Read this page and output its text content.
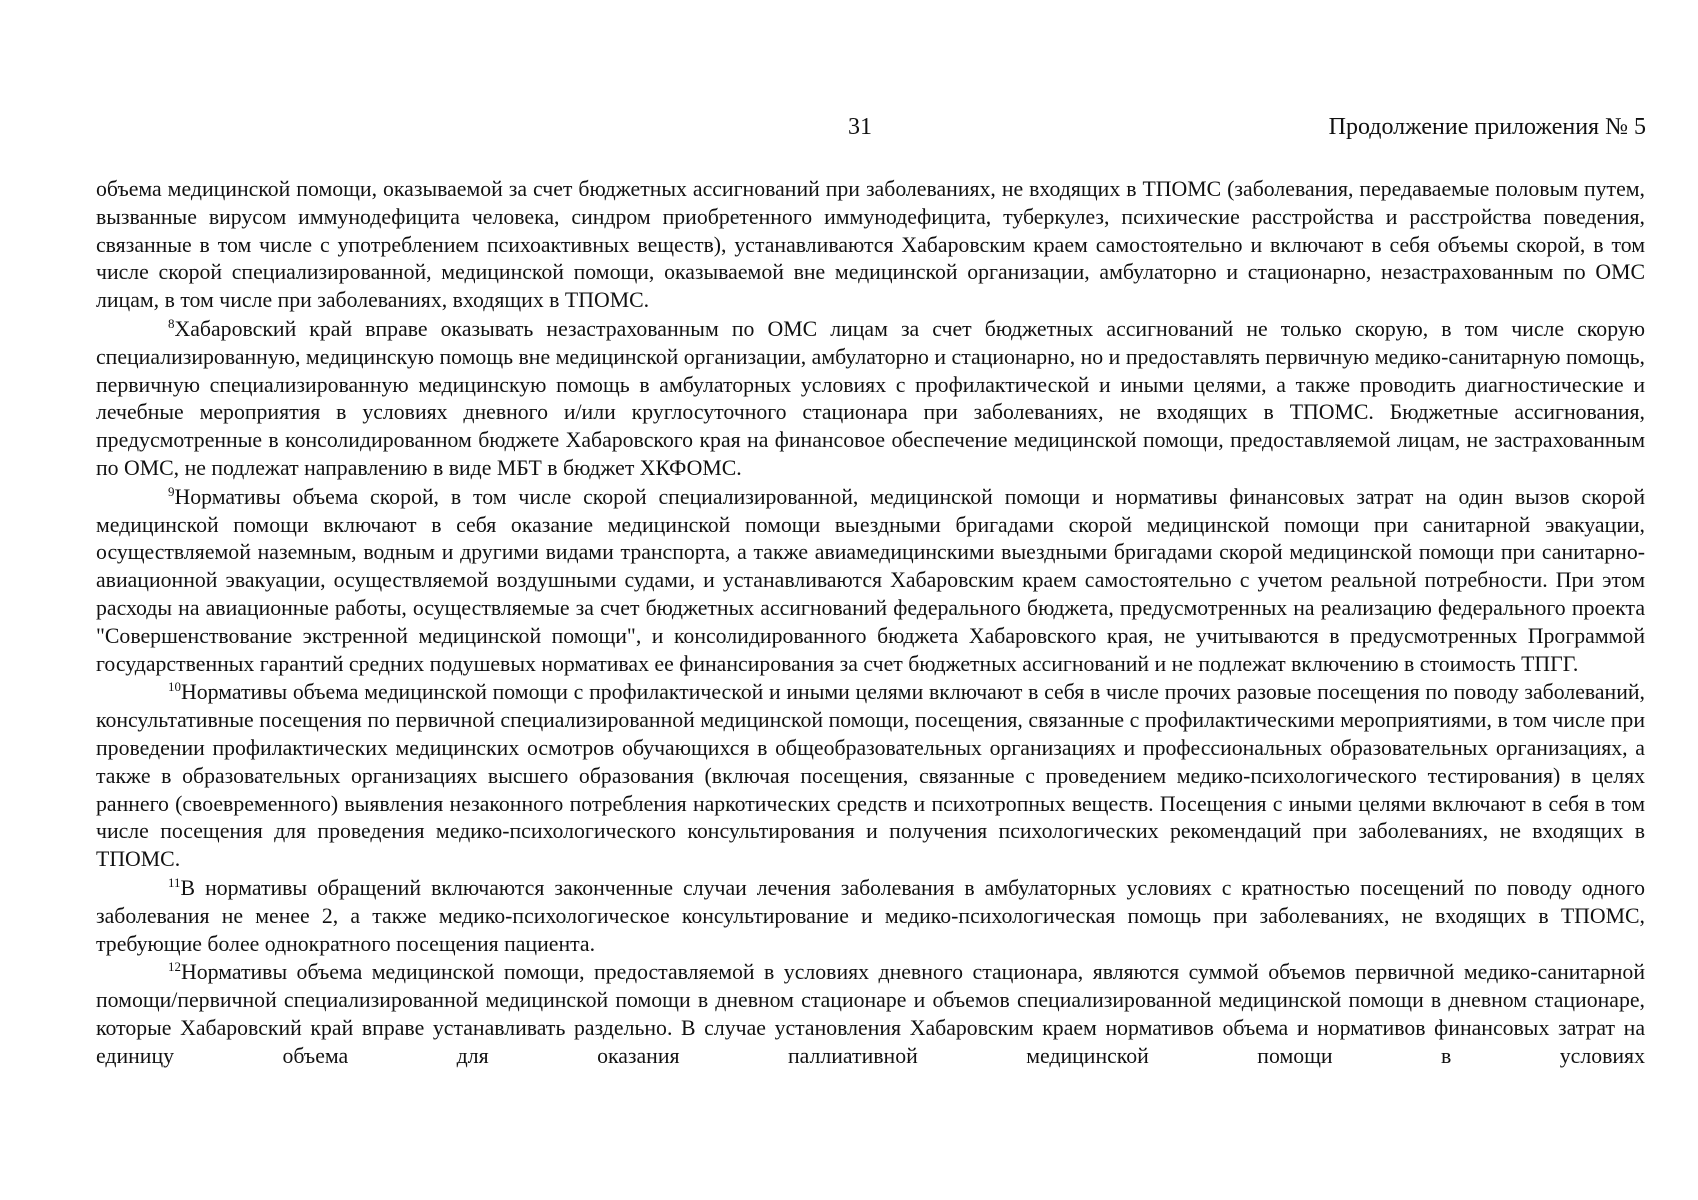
31	Продолжение приложения № 5

объема медицинской помощи, оказываемой за счет бюджетных ассигнований при заболеваниях, не входящих в ТПОМС (заболевания, передаваемые половым путем, вызванные вирусом иммунодефицита человека, синдром приобретенного иммунодефицита, туберкулез, психические расстройства и расстройства поведения, связанные в том числе с употреблением психоактивных веществ), устанавливаются Хабаровским краем самостоятельно и включают в себя объемы скорой, в том числе скорой специализированной, медицинской помощи, оказываемой вне медицинской организации, амбулаторно и стационарно, незастрахованным по ОМС лицам, в том числе при заболеваниях, входящих в ТПОМС.

$^8$Хабаровский край вправе оказывать незастрахованным по ОМС лицам за счет бюджетных ассигнований не только скорую, в том числе скорую специализированную, медицинскую помощь вне медицинской организации, амбулаторно и стационарно, но и предоставлять первичную медико-санитарную помощь, первичную специализированную медицинскую помощь в амбулаторных условиях с профилактической и иными целями, а также проводить диагностические и лечебные мероприятия в условиях дневного и/или круглосуточного стационара при заболеваниях, не входящих в ТПОМС. Бюджетные ассигнования, предусмотренные в консолидированном бюджете Хабаровского края на финансовое обеспечение медицинской помощи, предоставляемой лицам, не застрахованным по ОМС, не подлежат направлению в виде МБТ в бюджет ХКФОМС.

$^9$Нормативы объема скорой, в том числе скорой специализированной, медицинской помощи и нормативы финансовых затрат на один вызов скорой медицинской помощи включают в себя оказание медицинской помощи выездными бригадами скорой медицинской помощи при санитарной эвакуации, осуществляемой наземным, водным и другими видами транспорта, а также авиамедицинскими выездными бригадами скорой медицинской помощи при санитарно-авиационной эвакуации, осуществляемой воздушными судами, и устанавливаются Хабаровским краем самостоятельно с учетом реальной потребности. При этом расходы на авиационные работы, осуществляемые за счет бюджетных ассигнований федерального бюджета, предусмотренных на реализацию федерального проекта "Совершенствование экстренной медицинской помощи", и консолидированного бюджета Хабаровского края, не учитываются в предусмотренных Программой государственных гарантий средних подушевых нормативах ее финансирования за счет бюджетных ассигнований и не подлежат включению в стоимость ТПГГ.

$^{10}$Нормативы объема медицинской помощи с профилактической и иными целями включают в себя в числе прочих разовые посещения по поводу заболеваний, консультативные посещения по первичной специализированной медицинской помощи, посещения, связанные с профилактическими мероприятиями, в том числе при проведении профилактических медицинских осмотров обучающихся в общеобразовательных организациях и профессиональных образовательных организациях, а также в образовательных организациях высшего образования (включая посещения, связанные с проведением медико-психологического тестирования) в целях раннего (своевременного) выявления незаконного потребления наркотических средств и психотропных веществ. Посещения с иными целями включают в себя в том числе посещения для проведения медико-психологического консультирования и получения психологических рекомендаций при заболеваниях, не входящих в ТПОМС.

$^{11}$В нормативы обращений включаются законченные случаи лечения заболевания в амбулаторных условиях с кратностью посещений по поводу одного заболевания не менее 2, а также медико-психологическое консультирование и медико-психологическая помощь при заболеваниях, не входящих в ТПОМС, требующие более однократного посещения пациента.

$^{12}$Нормативы объема медицинской помощи, предоставляемой в условиях дневного стационара, являются суммой объемов первичной медико-санитарной помощи/первичной специализированной медицинской помощи в дневном стационаре и объемов специализированной медицинской помощи в дневном стационаре, которые Хабаровский край вправе устанавливать раздельно. В случае установления Хабаровским краем нормативов объема и нормативов финансовых затрат на единицу объема для оказания паллиативной медицинской помощи в условиях
